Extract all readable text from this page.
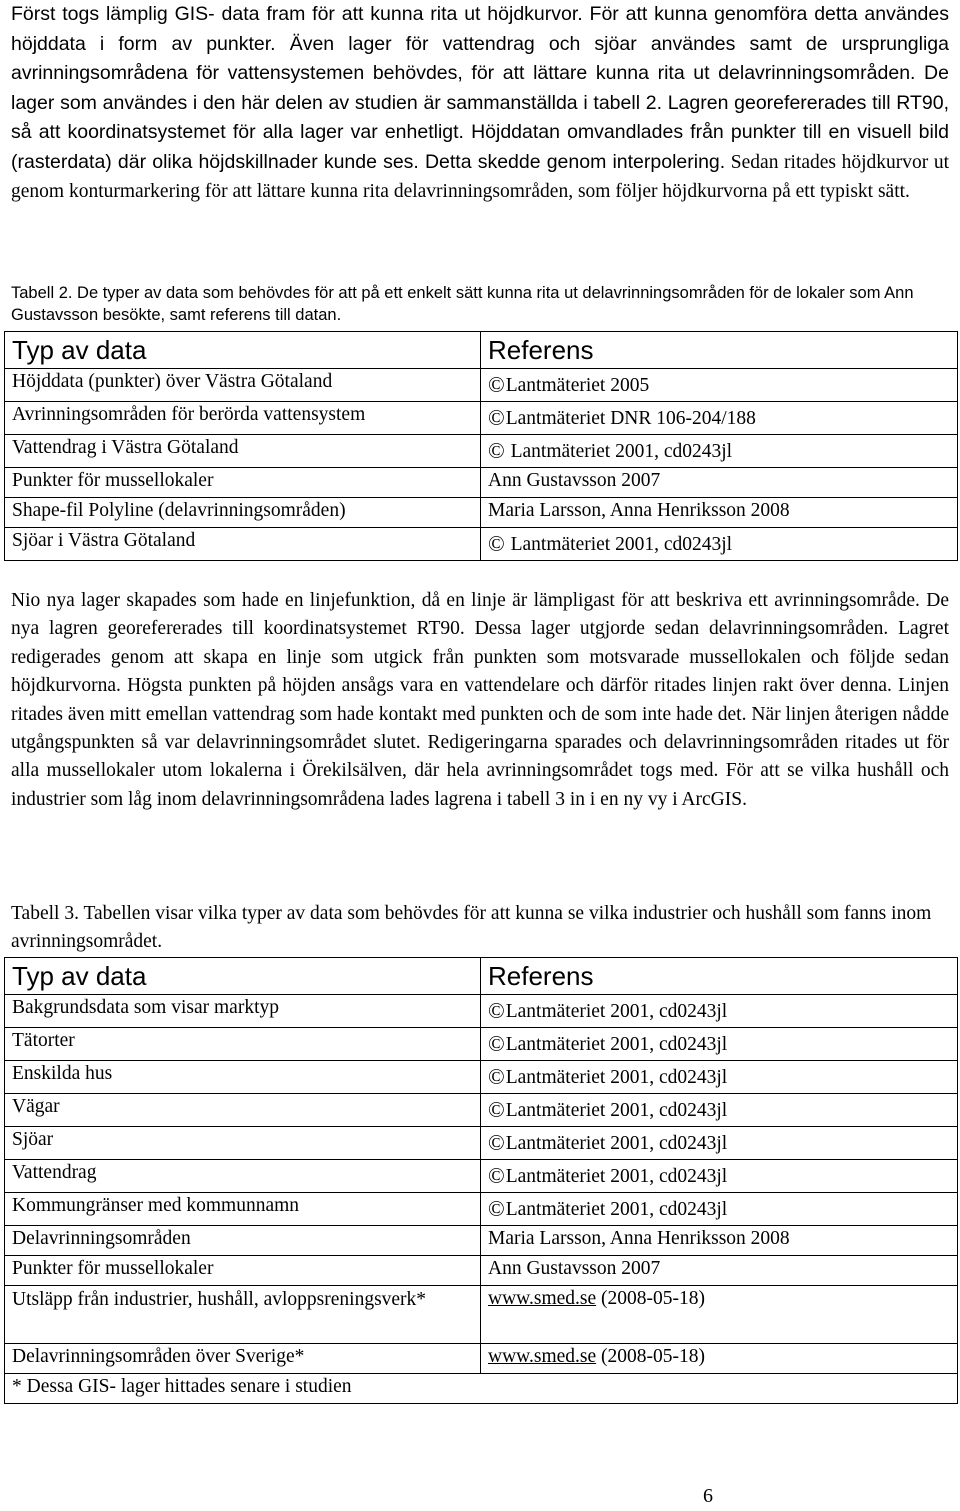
Först togs lämplig GIS- data fram för att kunna rita ut höjdkurvor. För att kunna genomföra detta användes höjddata i form av punkter. Även lager för vattendrag och sjöar användes samt de ursprungliga avrinningsområdena för vattensystemen behövdes, för att lättare kunna rita ut delavrinningsområden. De lager som användes i den här delen av studien är sammanställda i tabell 2. Lagren georefererades till RT90, så att koordinatsystemet för alla lager var enhetligt. Höjddatan omvandlades från punkter till en visuell bild (rasterdata) där olika höjdskillnader kunde ses. Detta skedde genom interpolering. Sedan ritades höjdkurvor ut genom konturmarkering för att lättare kunna rita delavrinningsområden, som följer höjdkurvorna på ett typiskt sätt.

Tabell 2. De typer av data som behövdes för att på ett enkelt sätt kunna rita ut delavrinningsområden för de lokaler som Ann Gustavsson besökte, samt referens till datan.

Typ av data	Referens
Höjddata (punkter) över Västra Götaland	©Lantmäteriet 2005
Avrinningsområden för berörda vattensystem	©Lantmäteriet DNR 106-204/188
Vattendrag i Västra Götaland	© Lantmäteriet 2001, cd0243jl
Punkter för mussellokaler	Ann Gustavsson 2007
Shape-fil Polyline (delavrinningsområden)	Maria Larsson, Anna Henriksson 2008
Sjöar i Västra Götaland	© Lantmäteriet 2001, cd0243jl

Nio nya lager skapades som hade en linjefunktion, då en linje är lämpligast för att beskriva ett avrinningsområde. De nya lagren georefererades till koordinatsystemet RT90. Dessa lager utgjorde sedan delavrinningsområden. Lagret redigerades genom att skapa en linje som utgick från punkten som motsvarade mussellokalen och följde sedan höjdkurvorna. Högsta punkten på höjden ansågs vara en vattendelare och därför ritades linjen rakt över denna. Linjen ritades även mitt emellan vattendrag som hade kontakt med punkten och de som inte hade det. När linjen återigen nådde utgångspunkten så var delavrinningsområdet slutet. Redigeringarna sparades och delavrinningsområden ritades ut för alla mussellokaler utom lokalerna i Örekilsälven, där hela avrinningsområdet togs med. För att se vilka hushåll och industrier som låg inom delavrinningsområdena lades lagrena i tabell 3 in i en ny vy i ArcGIS.

Tabell 3. Tabellen visar vilka typer av data som behövdes för att kunna se vilka industrier och hushåll som fanns inom avrinningsområdet.

Typ av data	Referens
Bakgrundsdata som visar marktyp	©Lantmäteriet 2001, cd0243jl
Tätorter	©Lantmäteriet 2001, cd0243jl
Enskilda hus	©Lantmäteriet 2001, cd0243jl
Vägar	©Lantmäteriet 2001, cd0243jl
Sjöar	©Lantmäteriet 2001, cd0243jl
Vattendrag	©Lantmäteriet 2001, cd0243jl
Kommungränser med kommunnamn	©Lantmäteriet 2001, cd0243jl
Delavrinningsområden	Maria Larsson, Anna Henriksson 2008
Punkter för mussellokaler	Ann Gustavsson 2007
Utsläpp från industrier, hushåll, avloppsreningsverk*	www.smed.se (2008-05-18)
Delavrinningsområden över Sverige*	www.smed.se (2008-05-18)
* Dessa GIS- lager hittades senare i studien	
6
